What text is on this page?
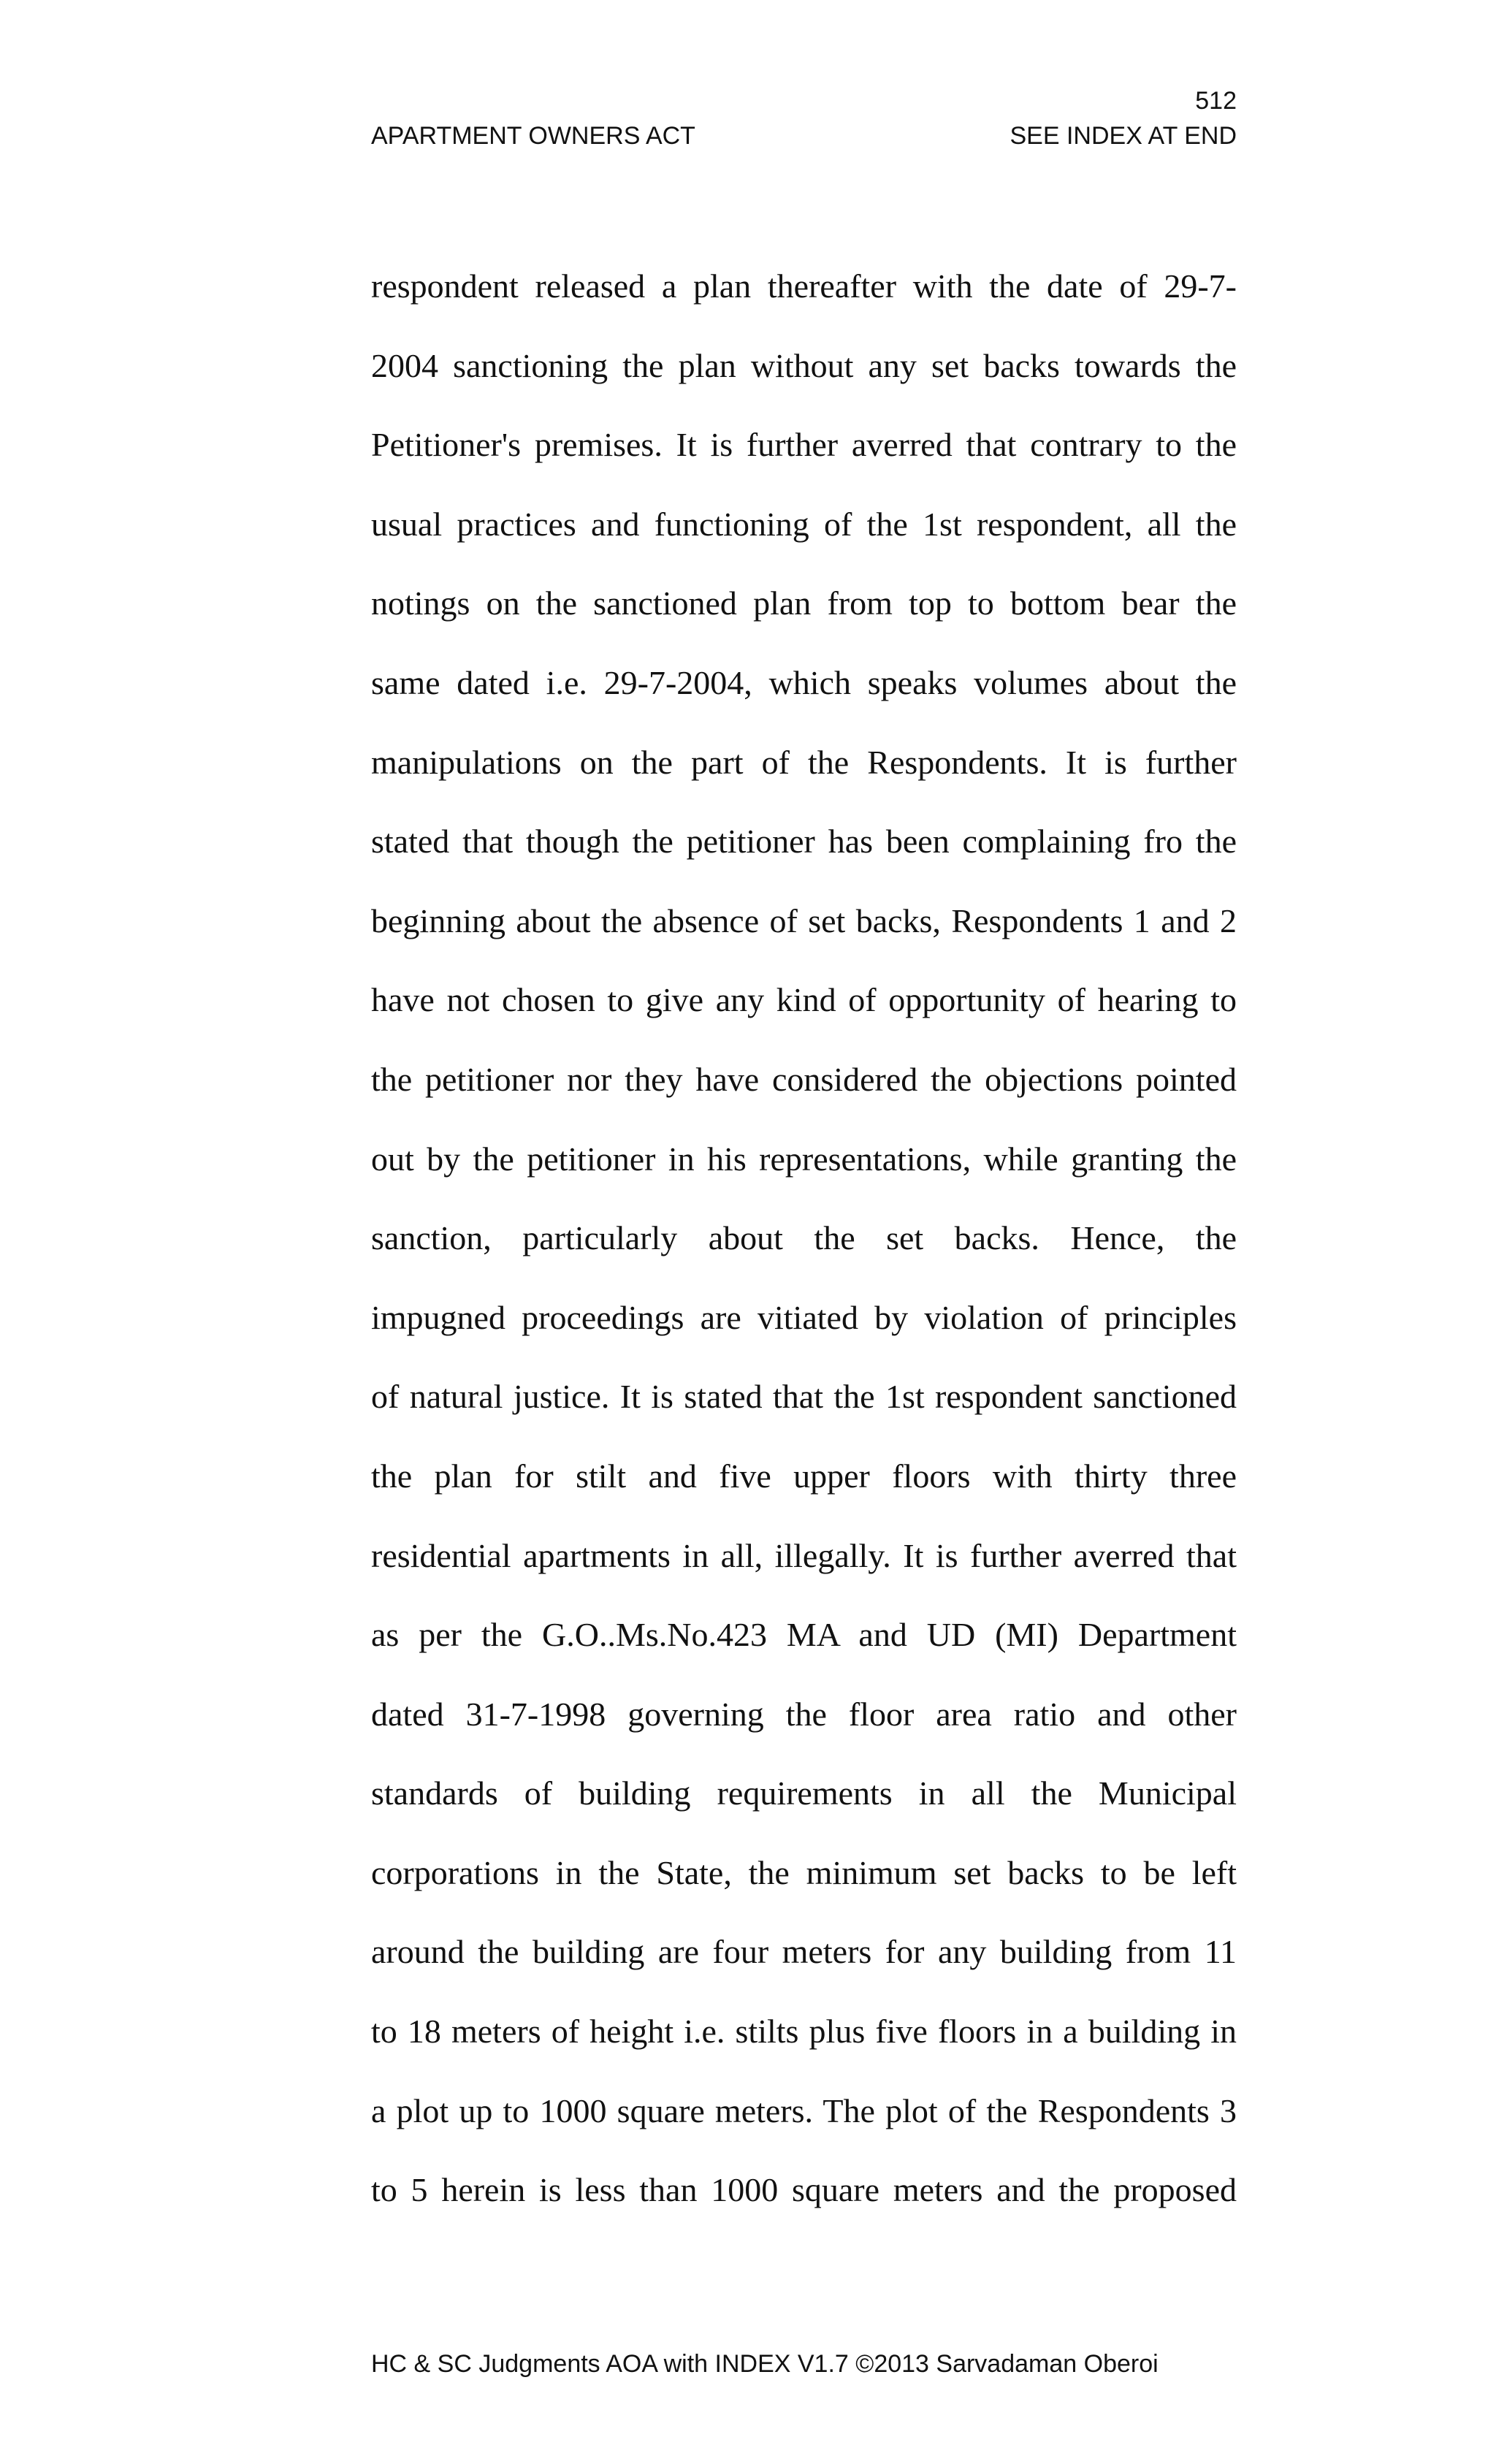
512
APARTMENT OWNERS ACT	SEE INDEX AT END
respondent released a plan thereafter with the date of 29-7-
2004 sanctioning the plan without any set backs towards the
Petitioner's premises. It is further averred that contrary to the
usual practices and functioning of the 1st respondent, all the
notings on the sanctioned plan from top to bottom bear the
same dated i.e. 29-7-2004, which speaks volumes about the
manipulations on the part of the Respondents. It is further
stated that though the petitioner has been complaining fro the
beginning about the absence of set backs, Respondents 1 and 2
have not chosen to give any kind of opportunity of hearing to
the petitioner nor they have considered the objections pointed
out by the petitioner in his representations, while granting the
sanction, particularly about the set backs. Hence, the
impugned proceedings are vitiated by violation of principles
of natural justice. It is stated that the 1st respondent sanctioned
the plan for stilt and five upper floors with thirty three
residential apartments in all, illegally. It is further averred that
as per the G.O..Ms.No.423 MA and UD (MI) Department
dated 31-7-1998 governing the floor area ratio and other
standards of building requirements in all the Municipal
corporations in the State, the minimum set backs to be left
around the building are four meters for any building from 11
to 18 meters of height i.e. stilts plus five floors in a building in
a plot up to 1000 square meters. The plot of the Respondents 3
to 5 herein is less than 1000 square meters and the proposed
HC & SC Judgments AOA with INDEX V1.7 ©2013 Sarvadaman Oberoi
